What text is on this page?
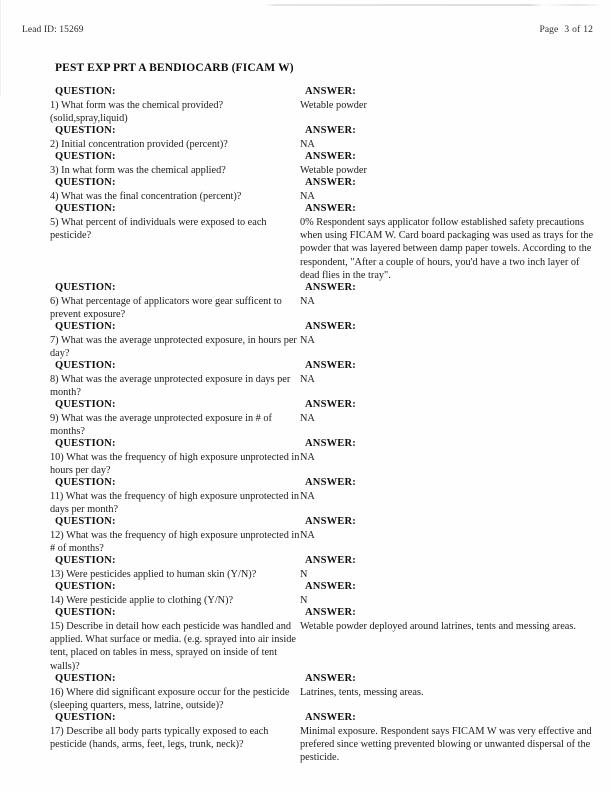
Lead ID: 15269	Page 3 of 12
PEST EXP PRT A BENDIOCARB (FICAM W)
QUESTION:	ANSWER:
1) What form was the chemical provided?(solid,spray,liquid)
Wetable powder
QUESTION:	ANSWER:
2) Initial concentration provided (percent)?	NA
QUESTION:	ANSWER:
3) In what form was the chemical applied?	Wetable powder
QUESTION:	ANSWER:
4) What was the final concentration (percent)?	NA
QUESTION:	ANSWER:
5) What percent of individuals were exposed to each pesticide?
0% Respondent says applicator follow established safety precautions when using FICAM W. Card board packaging was used as trays for the powder that was layered between damp paper towels. According to the respondent, "After a couple of hours, you'd have a two inch layer of dead flies in the tray".
QUESTION:	ANSWER:
6) What percentage of applicators wore gear sufficent to prevent exposure?
NA
QUESTION:	ANSWER:
7) What was the average unprotected exposure, in hours per day?
NA
QUESTION:	ANSWER:
8) What was the average unprotected exposure in days per month?
NA
QUESTION:	ANSWER:
9) What was the average unprotected exposure in # of months?
NA
QUESTION:	ANSWER:
10) What was the frequency of high exposure unprotected in hours per day?
NA
QUESTION:	ANSWER:
11) What was the frequency of high exposure unprotected in days per month?
NA
QUESTION:	ANSWER:
12) What was the frequency of high exposure unprotected in # of months?
NA
QUESTION:	ANSWER:
13) Were pesticides applied to human skin (Y/N)?	N
QUESTION:	ANSWER:
14) Were pesticide applie to clothing (Y/N)?	N
QUESTION:	ANSWER:
15) Describe in detail how each pesticide was handled and applied. What surface or media. (e.g. sprayed into air inside tent, placed on tables in mess, sprayed on inside of tent walls)?
Wetable powder deployed around latrines, tents and messing areas.
QUESTION:	ANSWER:
16) Where did significant exposure occur for the pesticide (sleeping quarters, mess, latrine, outside)?
Latrines, tents, messing areas.
QUESTION:	ANSWER:
17) Describe all body parts typically exposed to each pesticide (hands, arms, feet, legs, trunk, neck)?
Minimal exposure. Respondent says FICAM W was very effective and prefered since wetting prevented blowing or unwanted dispersal of the pesticide.
